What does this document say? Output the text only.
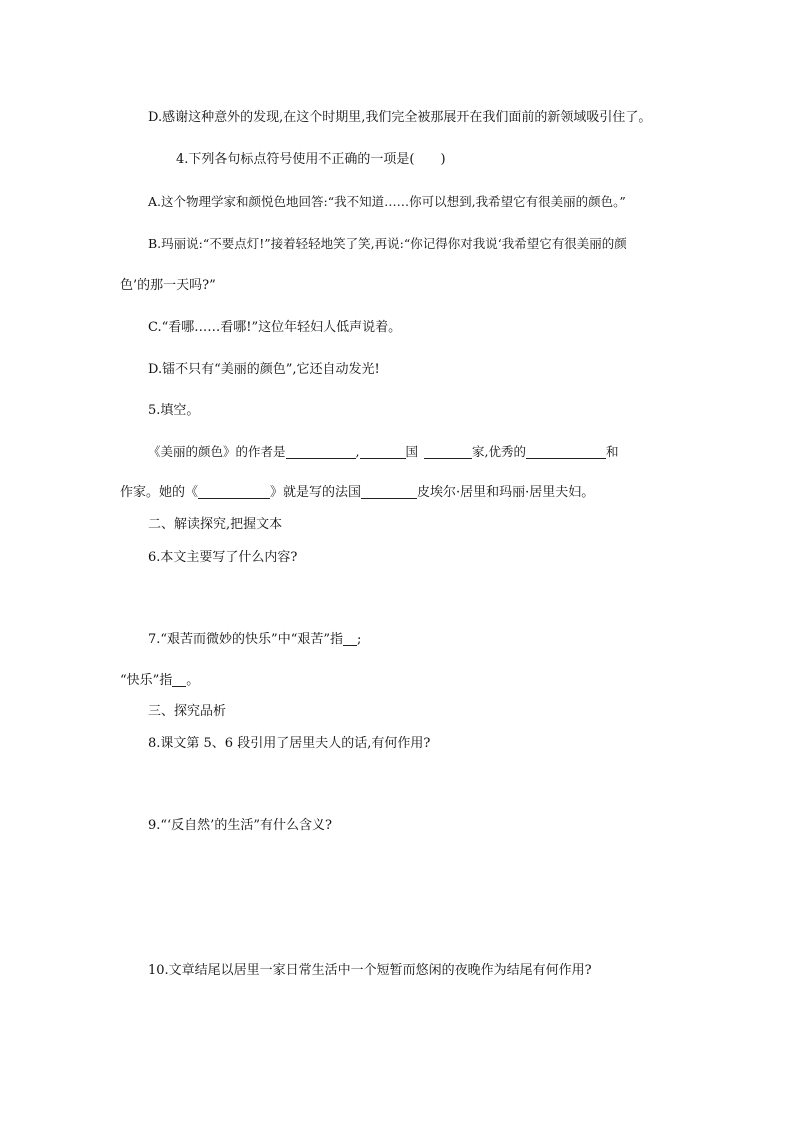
D.感谢这种意外的发现,在这个时期里,我们完全被那展开在我们面前的新领域吸引住了。
4.下列各句标点符号使用不正确的一项是(　　)
A.这个物理学家和颜悦色地回答:“我不知道……你可以想到,我希望它有很美丽的颜色。”
B.玛丽说:“不要点灯!”接着轻轻地笑了笑,再说:“你记得你对我说‘我希望它有很美丽的颜
色’的那一天吗?”
C.“看哪……看哪!”这位年轻妇人低声说着。
D.镭不只有“美丽的颜色”,它还自动发光!
5.填空。
《美丽的颜色》的作者是	,	国	家,优秀的	和
作家。她的《	》就是写的法国	皮埃尔·居里和玛丽·居里夫妇。
二、解读探究,把握文本
6.本文主要写了什么内容?
7.“艰苦而微妙的快乐”中“艰苦”指 ;
“快乐”指 。
三、探究品析
8.课文第 5、6 段引用了居里夫人的话,有何作用?
9.“‘反自然’的生活”有什么含义?
10.文章结尾以居里一家日常生活中一个短暂而悠闲的夜晚作为结尾有何作用?
